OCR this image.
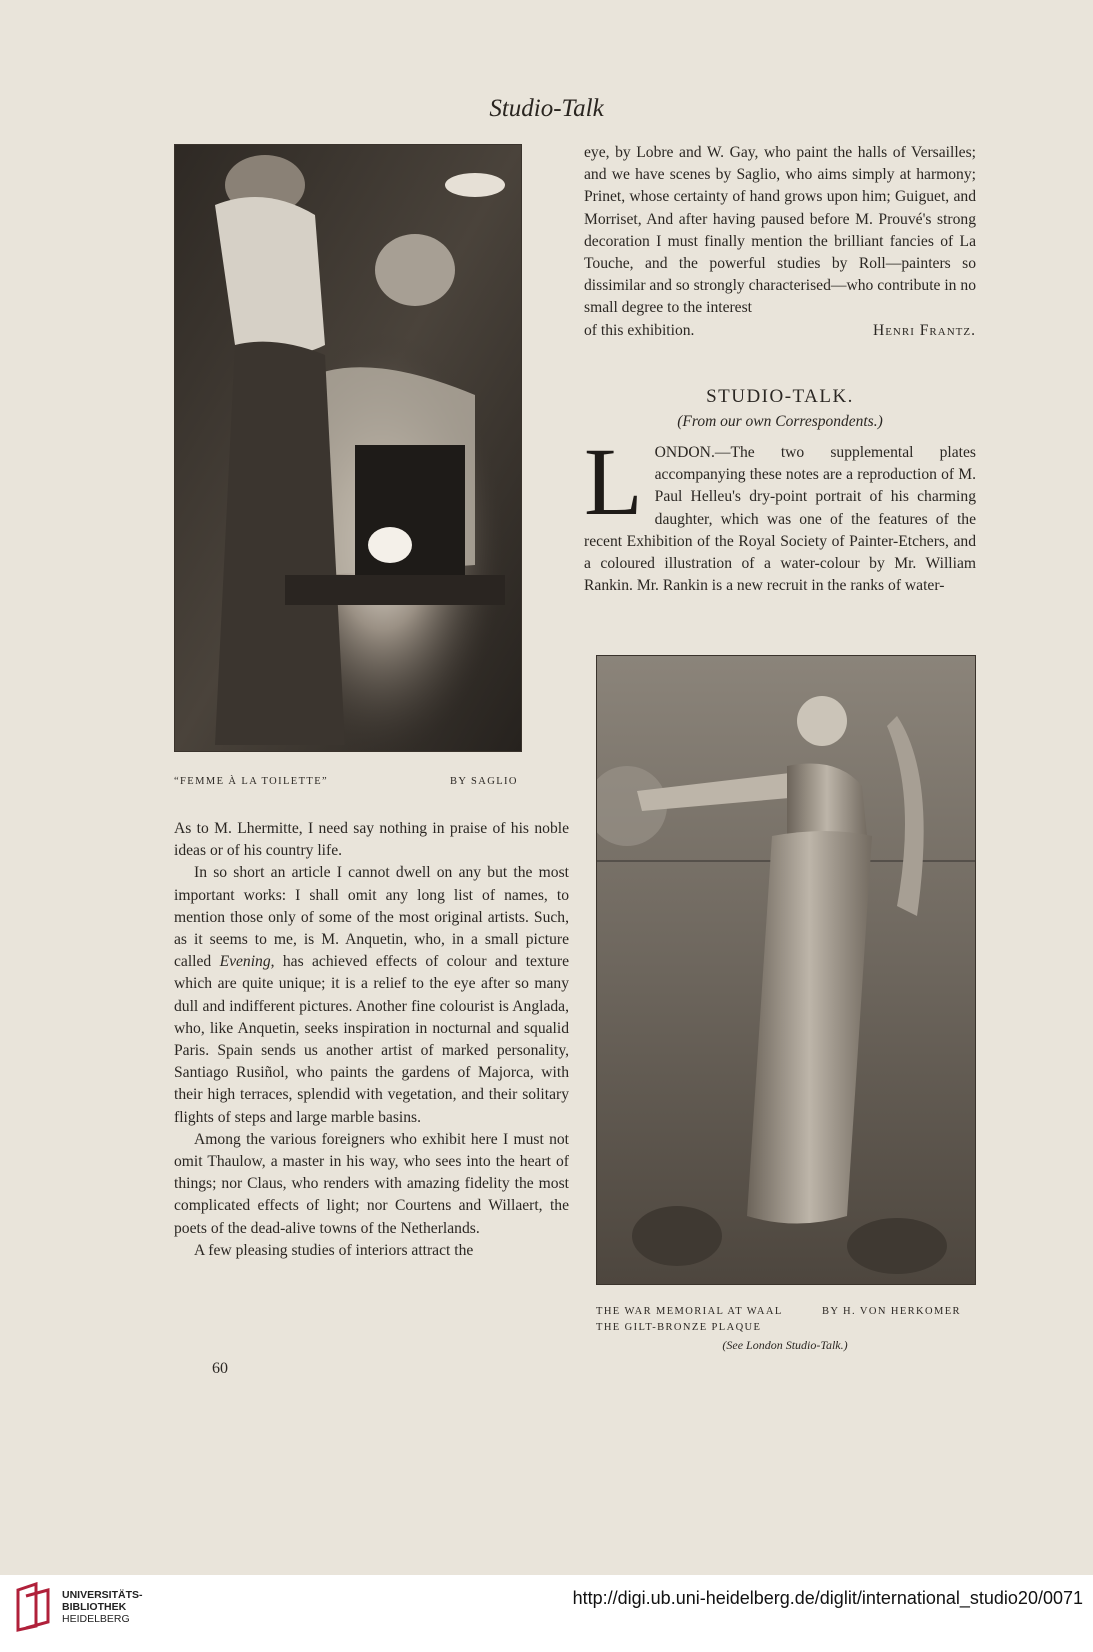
Studio-Talk
“FEMME À LA TOILETTE”	BY SAGLIO

eye, by Lobre and W. Gay, who paint the halls of Versailles; and we have scenes by Saglio, who aims simply at harmony; Prinet, whose certainty of hand grows upon him; Guiguet, and Morriset, And after having paused before M. Prouvé's strong decoration I must finally mention the brilliant fancies of La Touche, and the powerful studies by Roll—painters so dissimilar and so strongly characterised—who contribute in no small degree to the interest

of this exhibition.	Henri Frantz.
STUDIO-TALK.
(From our own Correspondents.)

LONDON.—The two supplemental plates accompanying these notes are a reproduction of M. Paul Helleu's dry-point portrait of his charming daughter, which was one of the features of the recent Exhibition of the Royal Society of Painter-Etchers, and a coloured illustration of a water-colour by Mr. William Rankin. Mr. Rankin is a new recruit in the ranks of water-

THE WAR MEMORIAL AT WAAL	BY H. VON HERKOMER
THE GILT-BRONZE PLAQUE
(See London Studio-Talk.)

As to M. Lhermitte, I need say nothing in praise of his noble ideas or of his country life.

In so short an article I cannot dwell on any but the most important works: I shall omit any long list of names, to mention those only of some of the most original artists. Such, as it seems to me, is M. Anquetin, who, in a small picture called Evening, has achieved effects of colour and texture which are quite unique; it is a relief to the eye after so many dull and indifferent pictures. Another fine colourist is Anglada, who, like Anquetin, seeks inspiration in nocturnal and squalid Paris. Spain sends us another artist of marked personality, Santiago Rusiñol, who paints the gardens of Majorca, with their high terraces, splendid with vegetation, and their solitary flights of steps and large marble basins.

Among the various foreigners who exhibit here I must not omit Thaulow, a master in his way, who sees into the heart of things; nor Claus, who renders with amazing fidelity the most complicated effects of light; nor Courtens and Willaert, the poets of the dead-alive towns of the Netherlands.

A few pleasing studies of interiors attract the

60
UNIVERSITÄTS-
BIBLIOTHEK
HEIDELBERG
http://digi.ub.uni-heidelberg.de/diglit/international_studio20/0071
